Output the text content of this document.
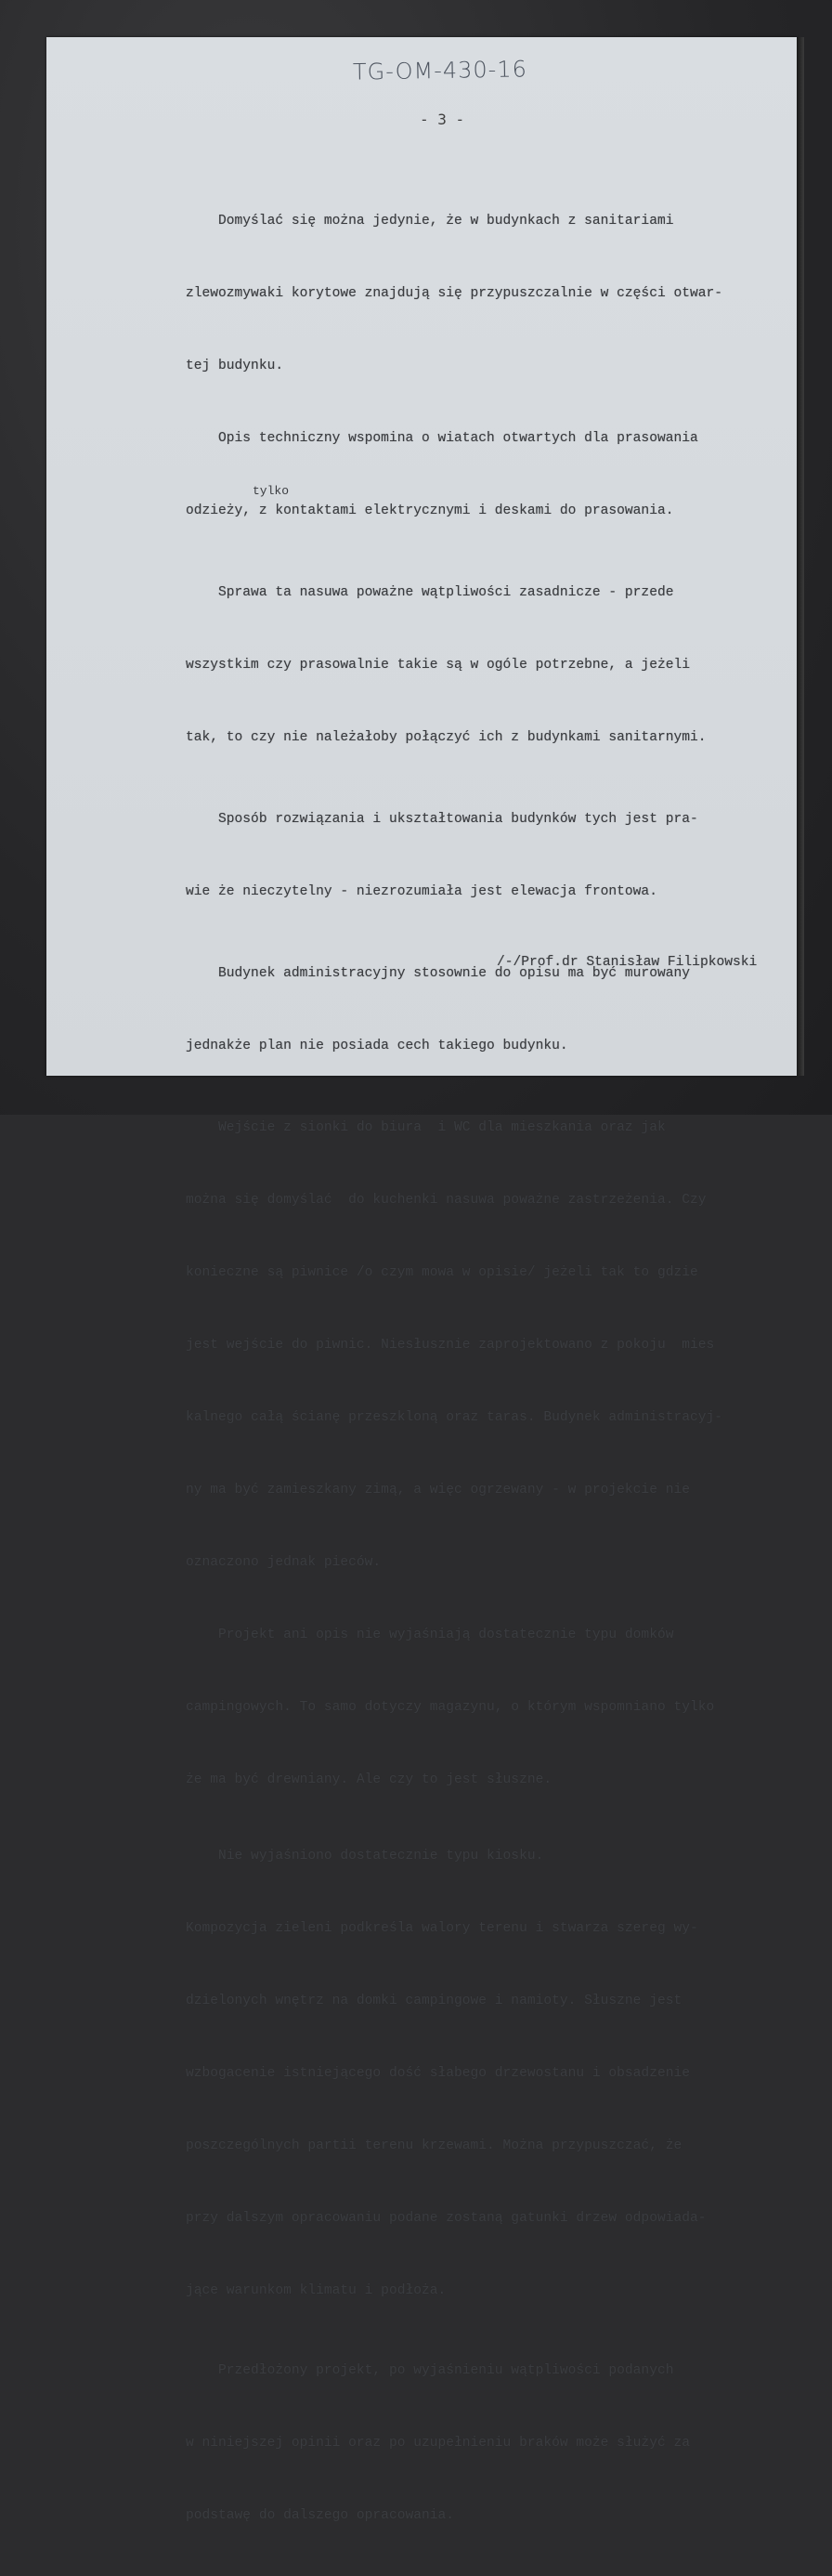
TG-OM-430-16
- 3 -

Domyślać się można jedynie, że w budynkach z sanitariami

zlewozmywaki korytowe znajdują się przypuszczalnie w części otwar-

tej budynku.

Opis techniczny wspomina o wiatach otwartych dla prasowania

odzieży, z kontaktami elektrycznymi i deskami do prasowania.

Sprawa ta nasuwa poważne wątpliwości zasadnicze - przede

wszystkim czy prasowalnie takie są w ogóle potrzebne, a jeżeli

tak, to czy nie należałoby połączyć ich z budynkami sanitarnymi.

Sposób rozwiązania i ukształtowania budynków tych jest pra-

wie że nieczytelny - niezrozumiała jest elewacja frontowa.

Budynek administracyjny stosownie do opisu ma być murowany

jednakże plan nie posiada cech takiego budynku.

Wejście z sionki do biura  i WC dla mieszkania oraz jak

można się domyślać  do kuchenki nasuwa poważne zastrzeżenia. Czy

konieczne są piwnice /o czym mowa w opisie/ jeżeli tak to gdzie

jest wejście do piwnic. Niesłusznie zaprojektowano z pokoju  mies

kalnego całą ścianę przeszkloną oraz taras. Budynek administracyj-

ny ma być zamieszkany zimą, a więc ogrzewany - w projekcie nie

oznaczono jednak pieców.

Projekt ani opis nie wyjaśniają dostatecznie typu domków

campingowych. To samo dotyczy magazynu, o którym wspomniano tylko

że ma być drewniany. Ale czy to jest słuszne.

Nie wyjaśniono dostatecznie typu kiosku.

Kompozycja zieleni podkreśla walory terenu i stwarza szereg wy-

dzielonych wnętrz na domki campingowe i namioty. Słuszne jest

wzbogacenie istniejącego dość słabego drzewostanu i obsadzenie

poszczególnych partii terenu krzewami. Można przypuszczać, że

przy dalszym opracowaniu podane zostaną gatunki drzew odpowiada-

jące warunkom klimatu i podłoża.

Przedłożony projekt, po wyjaśnieniu wątpliwości podanych

w niniejszej opinii oraz po uzupełnieniu braków może służyć za

podstawę do dalszego opracowania.

tylko
/-/Prof.dr Stanisław Filipkowski
